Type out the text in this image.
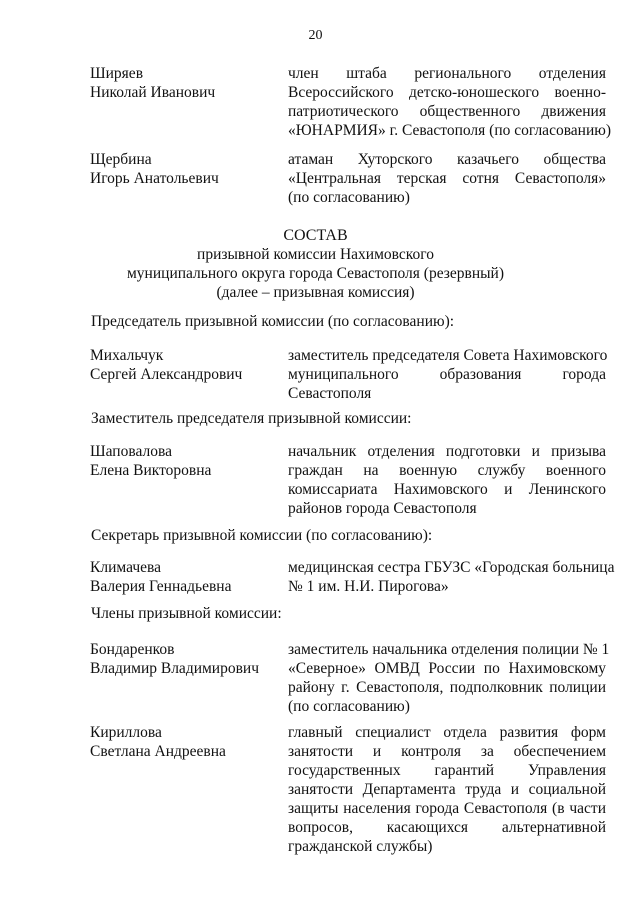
20
Ширяев
Николай Иванович
член штаба регионального отделения
Всероссийского детско-юношеского военно-
патриотического общественного движения
«ЮНАРМИЯ» г. Севастополя (по согласованию)
Щербина
Игорь Анатольевич
атаман Хуторского казачьего общества
«Центральная терская сотня Севастополя»
(по согласованию)
СОСТАВ
призывной комиссии Нахимовского
муниципального округа города Севастополя (резервный)
(далее – призывная комиссия)
Председатель призывной комиссии (по согласованию):
Михальчук
Сергей Александрович
заместитель председателя Совета Нахимовского
муниципального образования города
Севастополя
Заместитель председателя призывной комиссии:
Шаповалова
Елена Викторовна
начальник отделения подготовки и призыва
граждан на военную службу военного
комиссариата Нахимовского и Ленинского
районов города Севастополя
Секретарь призывной комиссии (по согласованию):
Климачева
Валерия Геннадьевна
медицинская сестра ГБУЗС «Городская больница
№ 1 им. Н.И. Пирогова»
Члены призывной комиссии:
Бондаренков
Владимир Владимирович
заместитель начальника отделения полиции № 1
«Северное» ОМВД России по Нахимовскому
району г. Севастополя, подполковник полиции
(по согласованию)
Кириллова
Светлана Андреевна
главный специалист отдела развития форм
занятости и контроля за обеспечением
государственных гарантий Управления
занятости Департамента труда и социальной
защиты населения города Севастополя (в части
вопросов, касающихся альтернативной
гражданской службы)
